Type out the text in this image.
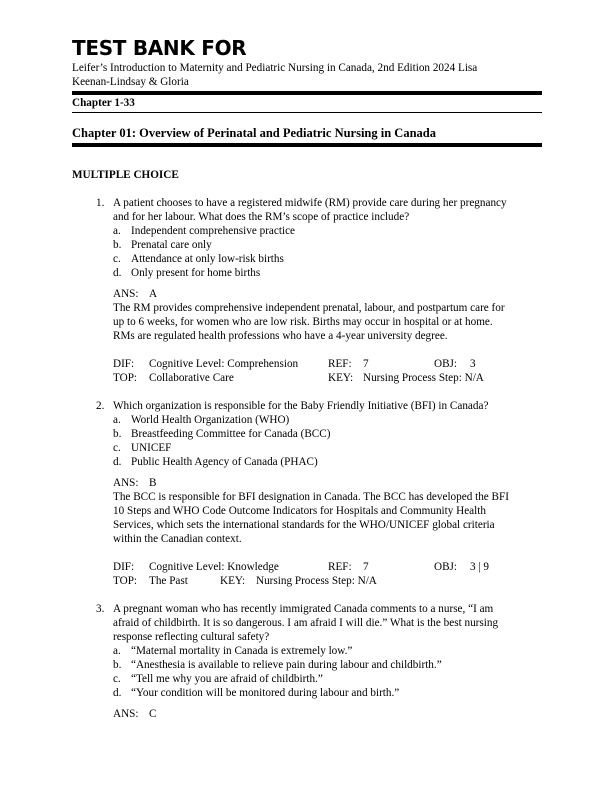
TEST BANK FOR
Leifer’s Introduction to Maternity and Pediatric Nursing in Canada, 2nd Edition 2024 Lisa
Keenan-Lindsay & Gloria
Chapter 1-33
Chapter 01: Overview of Perinatal and Pediatric Nursing in Canada
MULTIPLE CHOICE
1. A patient chooses to have a registered midwife (RM) provide care during her pregnancy
and for her labour. What does the RM’s scope of practice include?
a. Independent comprehensive practice
b. Prenatal care only
c. Attendance at only low-risk births
d. Only present for home births
ANS: A
The RM provides comprehensive independent prenatal, labour, and postpartum care for
up to 6 weeks, for women who are low risk. Births may occur in hospital or at home.
RMs are regulated health professions who have a 4-year university degree.
DIF: Cognitive Level: Comprehension	REF: 7	OBJ: 3
TOP: Collaborative Care	KEY: Nursing Process Step: N/A
2. Which organization is responsible for the Baby Friendly Initiative (BFI) in Canada?
a. World Health Organization (WHO)
b. Breastfeeding Committee for Canada (BCC)
c. UNICEF
d. Public Health Agency of Canada (PHAC)
ANS: B
The BCC is responsible for BFI designation in Canada. The BCC has developed the BFI
10 Steps and WHO Code Outcome Indicators for Hospitals and Community Health
Services, which sets the international standards for the WHO/UNICEF global criteria
within the Canadian context.
DIF: Cognitive Level: Knowledge	REF: 7	OBJ: 3 | 9
TOP: The Past	KEY: Nursing Process Step: N/A
3. A pregnant woman who has recently immigrated Canada comments to a nurse, “I am
afraid of childbirth. It is so dangerous. I am afraid I will die.” What is the best nursing
response reflecting cultural safety?
a. “Maternal mortality in Canada is extremely low.”
b. “Anesthesia is available to relieve pain during labour and childbirth.”
c. “Tell me why you are afraid of childbirth.”
d. “Your condition will be monitored during labour and birth.”
ANS: C
